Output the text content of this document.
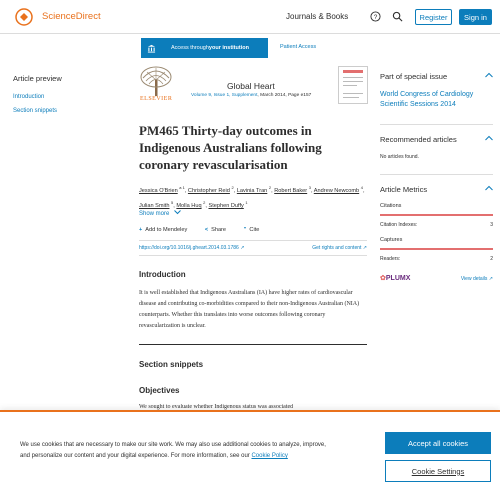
ScienceDirect	Journals & Books	?	Register	Sign in
Access through your institution	Patient Access
Article preview
Introduction
Section snippets
ELSEVIER
Global Heart
Volume 9, Issue 1, Supplement, March 2014, Page e157
PM465 Thirty-day outcomes in Indigenous Australians following coronary revascularisation
Jessica O'Brien $^{a 1}$, Christopher Reid $^2$, Lavinia Tran $^2$, Robert Baker $^3$, Andrew Newcomb $^4$, Julian Smith $^5$, Molla Huq $^2$, Stephen Duffy $^1$
Show more
+ Add to Mendeley	< Share	” Cite
https://doi.org/10.1016/j.gheart.2014.03.1786 ↗	Get rights and content ↗
Introduction

It is well established that Indigenous Australians (IA) have higher rates of cardiovascular disease and contributing co-morbidities compared to their non-Indigenous Australian (NIA) counterparts. Whether this translates into worse outcomes following coronary revascularization is unclear.

Section snippets
Objectives

We sought to evaluate whether Indigenous status was associated

Part of special issue
World Congress of Cardiology Scientific Sessions 2014
Recommended articles
No articles found.
Article Metrics
Citations
Citation Indexes:	3
Captures
Readers:	2
✿PLUMX	View details ↗

We use cookies that are necessary to make our site work. We may also use additional cookies to analyze, improve, and personalize our content and your digital experience. For more information, see our Cookie Policy

Accept all cookies
Cookie Settings
